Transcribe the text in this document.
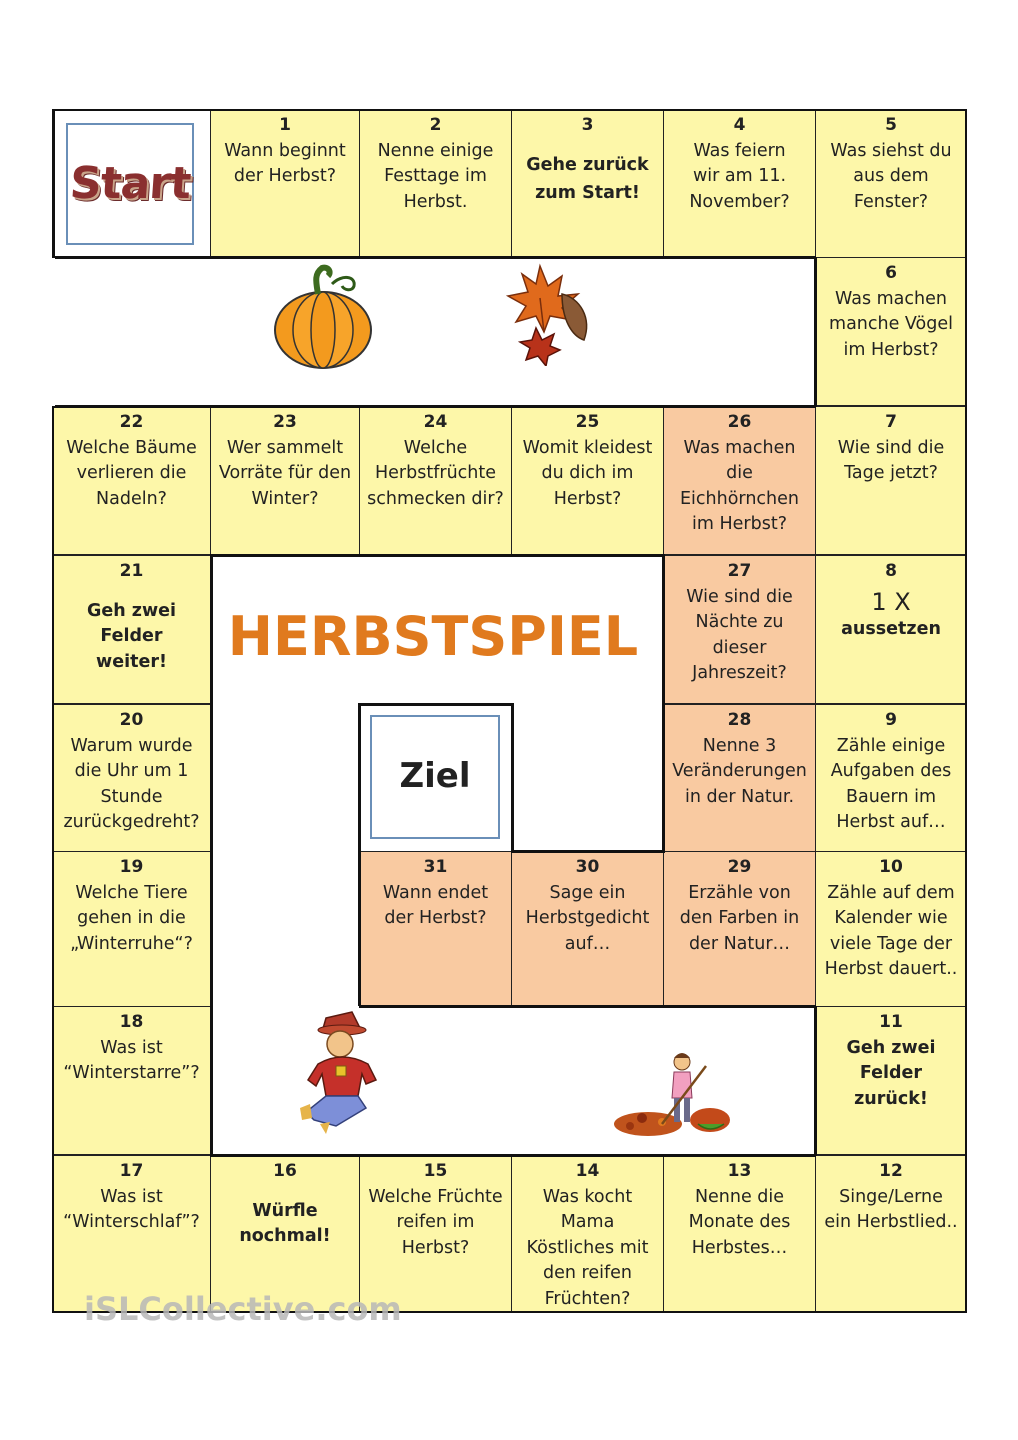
Start
1
Wann beginnt der Herbst?
2
Nenne einige Festtage im Herbst.
3
Gehe zurück zum Start!
4
Was feiern wir am 11. November?
5
Was siehst du aus dem Fenster?
6
Was machen manche Vögel im Herbst?
22
Welche Bäume verlieren die Nadeln?
23
Wer sammelt Vorräte für den Winter?
24
Welche Herbstfrüchte schmecken dir?
25
Womit kleidest du dich im Herbst?
26
Was machen die Eichhörnchen im Herbst?
7
Wie sind die Tage jetzt?
21
Geh zwei Felder weiter!
27
Wie sind die Nächte zu dieser Jahreszeit?
8
1 X
aussetzen
20
Warum wurde die Uhr um 1 Stunde zurückgedreht?
Ziel
28
Nenne 3 Veränderungen in der Natur.
9
Zähle einige Aufgaben des Bauern im Herbst auf…
19
Welche Tiere gehen in die „Winterruhe“?
31
Wann endet der Herbst?
30
Sage ein Herbstgedicht auf…
29
Erzähle von den Farben in der Natur…
10
Zähle auf dem Kalender wie viele Tage der Herbst dauert..
18
Was ist “Winterstarre”?
11
Geh zwei Felder zurück!
17
Was ist “Winterschlaf”?
16
Würfle nochmal!
15
Welche Früchte reifen im Herbst?
14
Was kocht Mama Köstliches mit den reifen Früchten?
13
Nenne die Monate des Herbstes…
12
Singe/Lerne ein Herbstlied..
HERBSTSPIEL
iSLCollective.com
